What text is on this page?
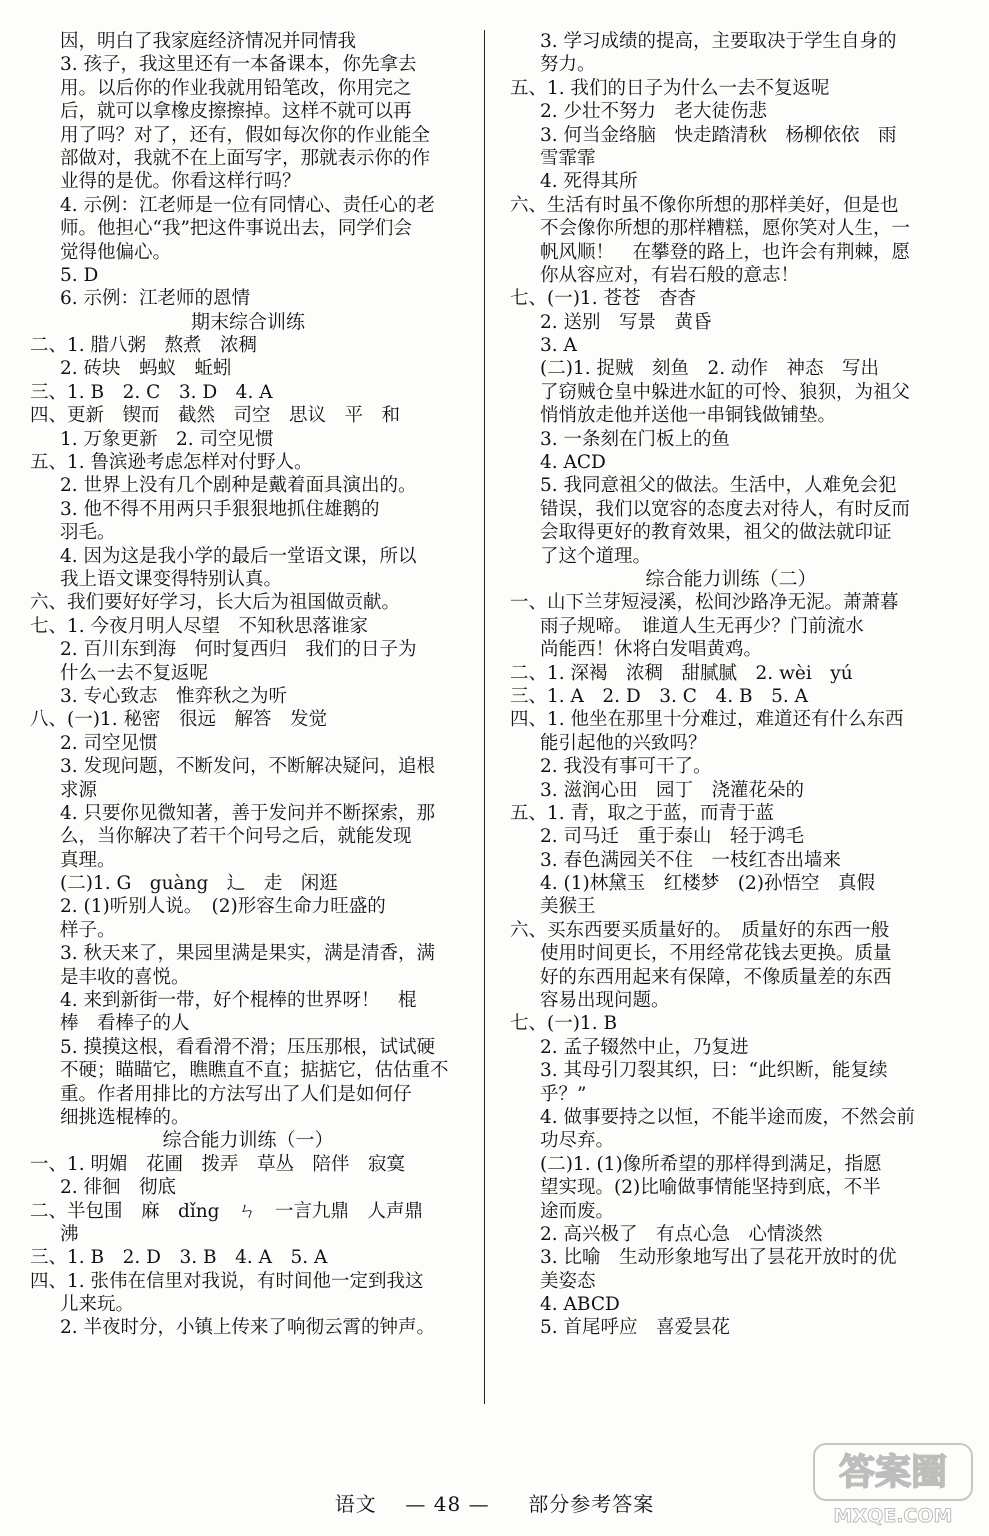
因，明白了我家庭经济情况并同情我
3. 孩子，我这里还有一本备课本，你先拿去
用。以后你的作业我就用铅笔改，你用完之
后，就可以拿橡皮擦擦掉。这样不就可以再
用了吗？对了，还有，假如每次你的作业能全
部做对，我就不在上面写字，那就表示你的作
业得的是优。你看这样行吗？
4. 示例：江老师是一位有同情心、责任心的老
师。他担心“我”把这件事说出去，同学们会
觉得他偏心。
5. D
6. 示例：江老师的恩情
期末综合训练
二、1. 腊八粥　熬煮　浓稠
2. 砖块　蚂蚁　蚯蚓
三、1. B　2. C　3. D　4. A
四、更新　锲而　截然　司空　思议　平　和
1. 万象更新　2. 司空见惯
五、1. 鲁滨逊考虑怎样对付野人。
2. 世界上没有几个剧种是戴着面具演出的。
3. 他不得不用两只手狠狠地抓住雄鹅的
羽毛。
4. 因为这是我小学的最后一堂语文课，所以
我上语文课变得特别认真。
六、我们要好好学习，长大后为祖国做贡献。
七、1. 今夜月明人尽望　不知秋思落谁家
2. 百川东到海　何时复西归　我们的日子为
什么一去不复返呢
3. 专心致志　惟弈秋之为听
八、(一)1. 秘密　很远　解答　发觉
2. 司空见惯
3. 发现问题，不断发问，不断解决疑问，追根
求源
4. 只要你见微知著，善于发问并不断探索，那
么，当你解决了若干个问号之后，就能发现
真理。
(二)1. G　guàng　辶　走　闲逛
2. (1)听别人说。　(2)形容生命力旺盛的
样子。
3. 秋天来了，果园里满是果实，满是清香，满
是丰收的喜悦。
4. 来到新街一带，好个棍棒的世界呀！　棍
棒　看棒子的人
5. 摸摸这根，看看滑不滑；压压那根，试试硬
不硬；瞄瞄它，瞧瞧直不直；掂掂它，估估重不
重。作者用排比的方法写出了人们是如何仔
细挑选棍棒的。
综合能力训练（一）
一、1. 明媚　花圃　拨弄　草丛　陪伴　寂寞
2. 徘徊　彻底
二、半包围　麻　dǐng　ㄣ　一言九鼎　人声鼎
沸
三、1. B　2. D　3. B　4. A　5. A
四、1. 张伟在信里对我说，有时间他一定到我这
儿来玩。
2. 半夜时分，小镇上传来了响彻云霄的钟声。
3. 学习成绩的提高，主要取决于学生自身的
努力。
五、1. 我们的日子为什么一去不复返呢
2. 少壮不努力　老大徒伤悲
3. 何当金络脑　快走踏清秋　杨柳依依　雨
雪霏霏
4. 死得其所
六、生活有时虽不像你所想的那样美好，但是也
不会像你所想的那样糟糕，愿你笑对人生，一
帆风顺！　在攀登的路上，也许会有荆棘，愿
你从容应对，有岩石般的意志！
七、(一)1. 苍苍　杳杳
2. 送别　写景　黄昏
3. A
(二)1. 捉贼　刻鱼　2. 动作　神态　写出
了窃贼仓皇中躲进水缸的可怜、狼狈，为祖父
悄悄放走他并送他一串铜钱做铺垫。
3. 一条刻在门板上的鱼
4. ACD
5. 我同意祖父的做法。生活中，人难免会犯
错误，我们以宽容的态度去对待人，有时反而
会取得更好的教育效果，祖父的做法就印证
了这个道理。
综合能力训练（二）
一、山下兰芽短浸溪，松间沙路净无泥。萧萧暮
雨子规啼。　谁道人生无再少？门前流水
尚能西！休将白发唱黄鸡。
二、1. 深褐　浓稠　甜腻腻　2. wèi　yú
三、1. A　2. D　3. C　4. B　5. A
四、1. 他坐在那里十分难过，难道还有什么东西
能引起他的兴致吗？
2. 我没有事可干了。
3. 滋润心田　园丁　浇灌花朵的
五、1. 青，取之于蓝，而青于蓝
2. 司马迁　重于泰山　轻于鸿毛
3. 春色满园关不住　一枝红杏出墙来
4. (1)林黛玉　红楼梦　(2)孙悟空　真假
美猴王
六、买东西要买质量好的。　质量好的东西一般
使用时间更长，不用经常花钱去更换。质量
好的东西用起来有保障，不像质量差的东西
容易出现问题。
七、(一)1. B
2. 孟子辍然中止，乃复进
3. 其母引刀裂其织，曰：“此织断，能复续
乎？”
4. 做事要持之以恒，不能半途而废，不然会前
功尽弃。
(二)1. (1)像所希望的那样得到满足，指愿
望实现。(2)比喻做事情能坚持到底，不半
途而废。
2. 高兴极了　有点心急　心情淡然
3. 比喻　生动形象地写出了昙花开放时的优
美姿态
4. ABCD
5. 首尾呼应　喜爱昙花
语文 — 48 — 部分参考答案
答案圈
MXQE.COM
